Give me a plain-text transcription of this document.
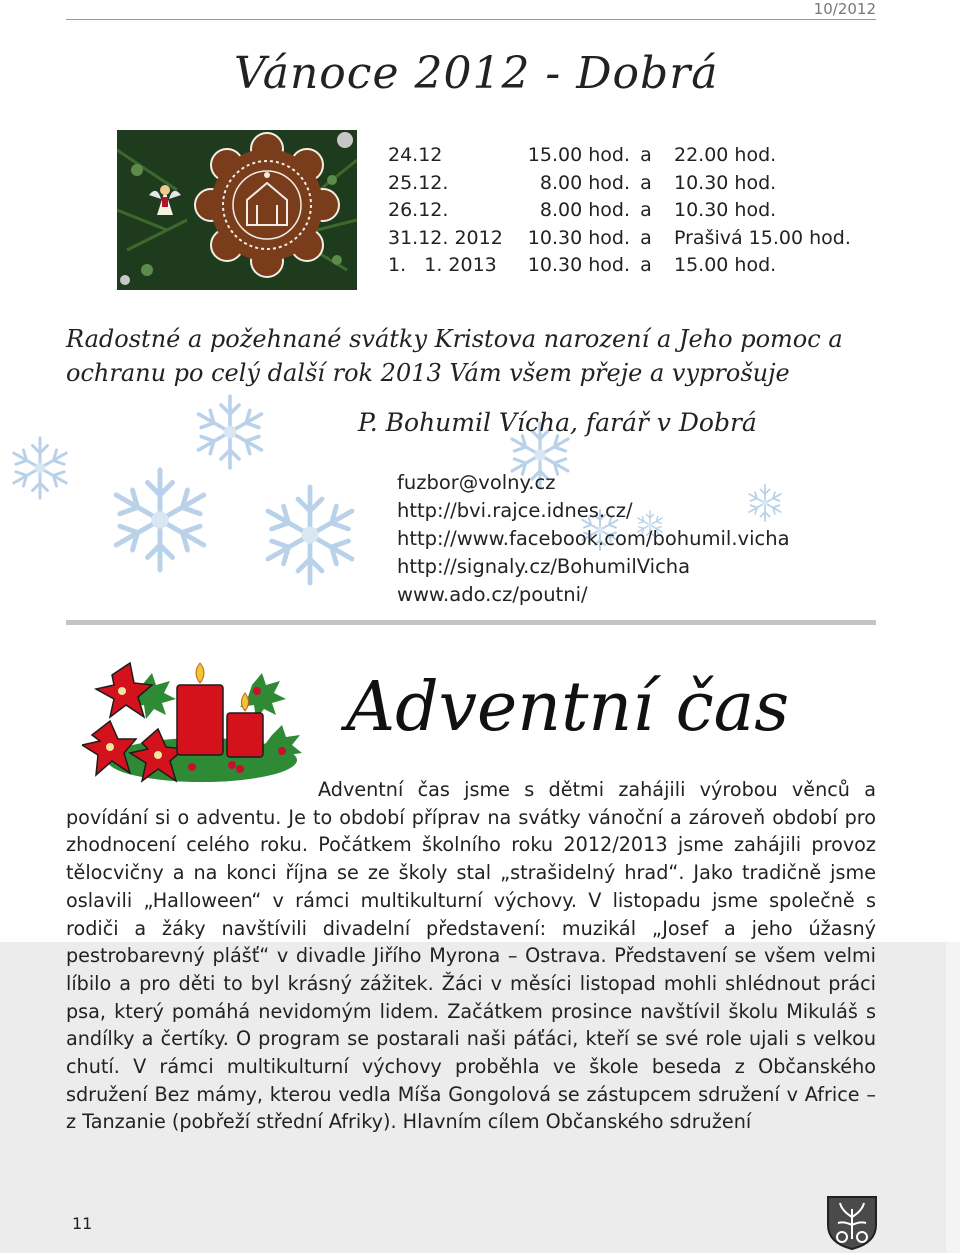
10/2012
Vánoce 2012 - Dobrá
24.12	15.00 hod.	a	22.00 hod.
25.12.	8.00 hod.	a	10.30 hod.
26.12.	8.00 hod.	a	10.30 hod.
31.12. 2012	10.30 hod.	a	Prašivá 15.00 hod.
1.   1. 2013	10.30 hod.	a	15.00 hod.
Radostné a požehnané svátky Kristova narození a Jeho pomoc a ochranu po celý další rok 2013 Vám všem přeje a vyprošuje
P. Bohumil Vícha, farář v Dobrá
fuzbor@volny.cz
http://bvi.rajce.idnes.cz/
http://www.facebook.com/bohumil.vicha
http://signaly.cz/BohumilVicha
www.ado.cz/poutni/
Adventní čas
Adventní čas jsme s dětmi zahájili výrobou věnců a povídání si o adventu. Je to období příprav na svátky vánoční a zároveň období pro zhodnocení celého roku. Počátkem školního roku 2012/2013 jsme zahájili provoz tělocvičny a na konci října se ze školy stal „strašidelný hrad“. Jako tradičně jsme oslavili „Halloween“ v rámci multikulturní výchovy. V listopadu jsme společně s rodiči a žáky navštívili divadelní představení: muzikál „Josef a jeho úžasný pestrobarevný plášť“ v divadle Jiřího Myrona – Ostrava. Představení se všem velmi líbilo a pro děti to byl krásný zážitek. Žáci v měsíci listopad mohli shlédnout práci psa, který pomáhá nevidomým lidem. Začátkem prosince navštívil školu Mikuláš s andílky a čertíky. O program se postarali naši páťáci, kteří se své role ujali s velkou chutí. V rámci multikulturní výchovy proběhla ve škole beseda z Občanského sdružení Bez mámy, kterou vedla Míša Gongolová se zástupcem sdružení v Africe – z Tanzanie (pobřeží střední Afriky). Hlavním cílem Občanského sdružení
11
